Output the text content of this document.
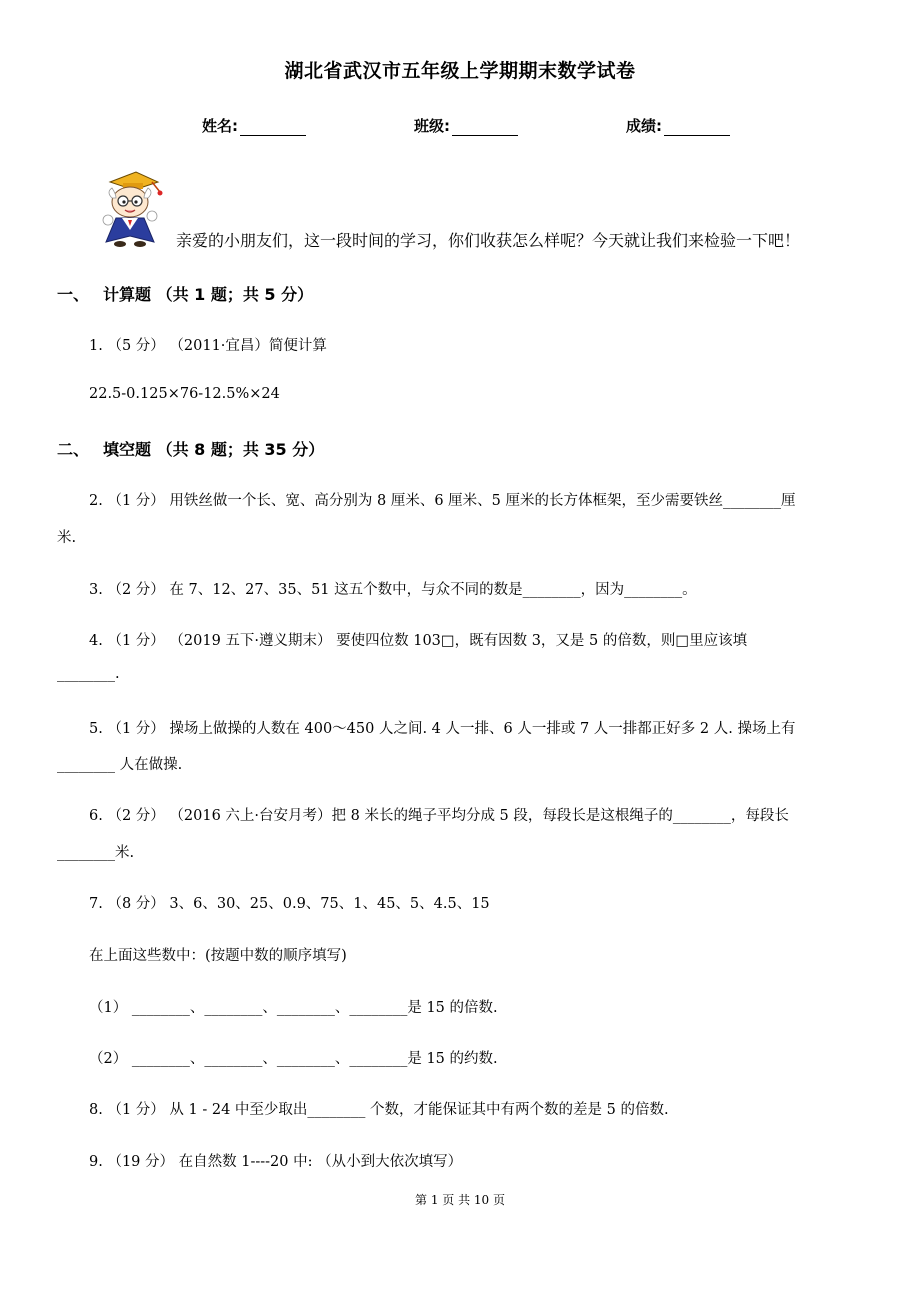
湖北省武汉市五年级上学期期末数学试卷
姓名:	班级:	成绩:
亲爱的小朋友们，这一段时间的学习，你们收获怎么样呢？今天就让我们来检验一下吧！
一、 计算题 （共 1 题；共 5 分）
1. （5 分） （2011·宜昌）简便计算
22.5-0.125×76-12.5%×24
二、 填空题 （共 8 题；共 35 分）
2. （1 分） 用铁丝做一个长、宽、高分别为 8 厘米、6 厘米、5 厘米的长方体框架，至少需要铁丝________厘
米.
3. （2 分） 在 7、12、27、35、51 这五个数中，与众不同的数是________，因为________。
4. （1 分） （2019 五下·遵义期末） 要使四位数 103□，既有因数 3，又是 5 的倍数，则□里应该填
________.
5. （1 分） 操场上做操的人数在 400～450 人之间. 4 人一排、6 人一排或 7 人一排都正好多 2 人. 操场上有
________ 人在做操.
6. （2 分） （2016 六上·台安月考）把 8 米长的绳子平均分成 5 段，每段长是这根绳子的________，每段长
________米.
7. （8 分） 3、6、30、25、0.9、75、1、45、5、4.5、15
在上面这些数中：(按题中数的顺序填写)
（1） ________、________、________、________是 15 的倍数.
（2） ________、________、________、________是 15 的约数.
8. （1 分） 从 1 - 24 中至少取出________ 个数，才能保证其中有两个数的差是 5 的倍数.
9. （19 分） 在自然数 1----20 中: （从小到大依次填写）
第 1 页 共 10 页
